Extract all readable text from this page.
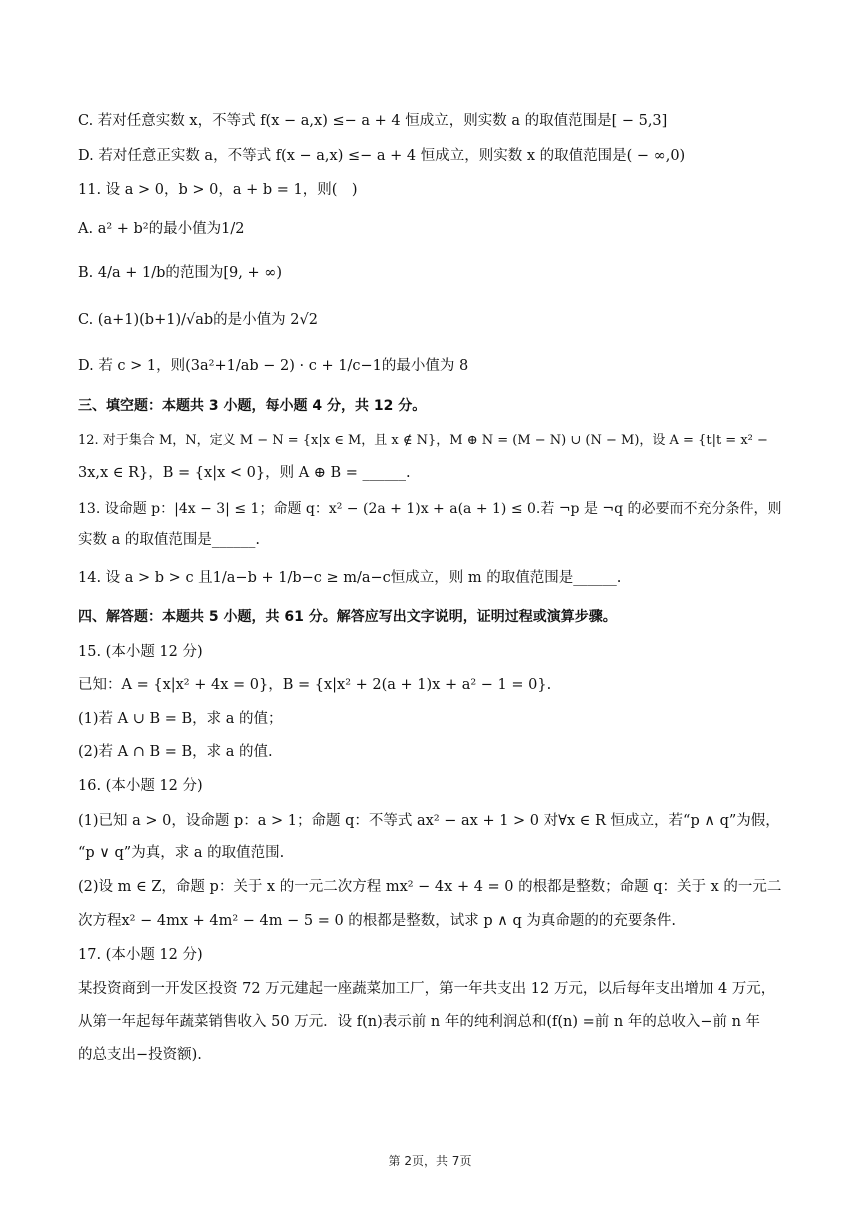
C. 若对任意实数 x，不等式 f(x − a,x) ≤− a + 4 恒成立，则实数 a 的取值范围是[ − 5,3]
D. 若对任意正实数 a，不等式 f(x − a,x) ≤− a + 4 恒成立，则实数 x 的取值范围是( − ∞,0)
11. 设 a > 0，b > 0，a + b = 1，则(　)
A. a² + b²的最小值为1/2
B. 4/a + 1/b的范围为[9, + ∞)
C. (a+1)(b+1)/√ab的是小值为 2√2
D. 若 c > 1，则(3a²+1/ab − 2) · c + 1/c−1的最小值为 8
三、填空题：本题共 3 小题，每小题 4 分，共 12 分。
12. 对于集合 M，N，定义 M − N = {x|x ∈ M，且 x ∉ N}，M ⊕ N = (M − N) ∪ (N − M)，设 A = {t|t = x² −
3x,x ∈ R}，B = {x|x < 0}，则 A ⊕ B = ______.
13. 设命题 p：|4x − 3| ≤ 1；命题 q：x² − (2a + 1)x + a(a + 1) ≤ 0.若 ¬p 是 ¬q 的必要而不充分条件，则
实数 a 的取值范围是______.
14. 设 a > b > c 且1/a−b + 1/b−c ≥ m/a−c恒成立，则 m 的取值范围是______.
四、解答题：本题共 5 小题，共 61 分。解答应写出文字说明，证明过程或演算步骤。
15. (本小题 12 分)
已知：A = {x|x² + 4x = 0}，B = {x|x² + 2(a + 1)x + a² − 1 = 0}.
(1)若 A ∪ B = B，求 a 的值；
(2)若 A ∩ B = B，求 a 的值.
16. (本小题 12 分)
(1)已知 a > 0，设命题 p：a > 1；命题 q：不等式 ax² − ax + 1 > 0 对∀x ∈ R 恒成立，若“p ∧ q”为假，
“p ∨ q”为真，求 a 的取值范围.
(2)设 m ∈ Z，命题 p：关于 x 的一元二次方程 mx² − 4x + 4 = 0 的根都是整数；命题 q：关于 x 的一元二
次方程x² − 4mx + 4m² − 4m − 5 = 0 的根都是整数，试求 p ∧ q 为真命题的的充要条件.
17. (本小题 12 分)
某投资商到一开发区投资 72 万元建起一座蔬菜加工厂，第一年共支出 12 万元，以后每年支出增加 4 万元，
从第一年起每年蔬菜销售收入 50 万元．设 f(n)表示前 n 年的纯利润总和(f(n) =前 n 年的总收入−前 n 年
的总支出−投资额).
第 2页，共 7页
